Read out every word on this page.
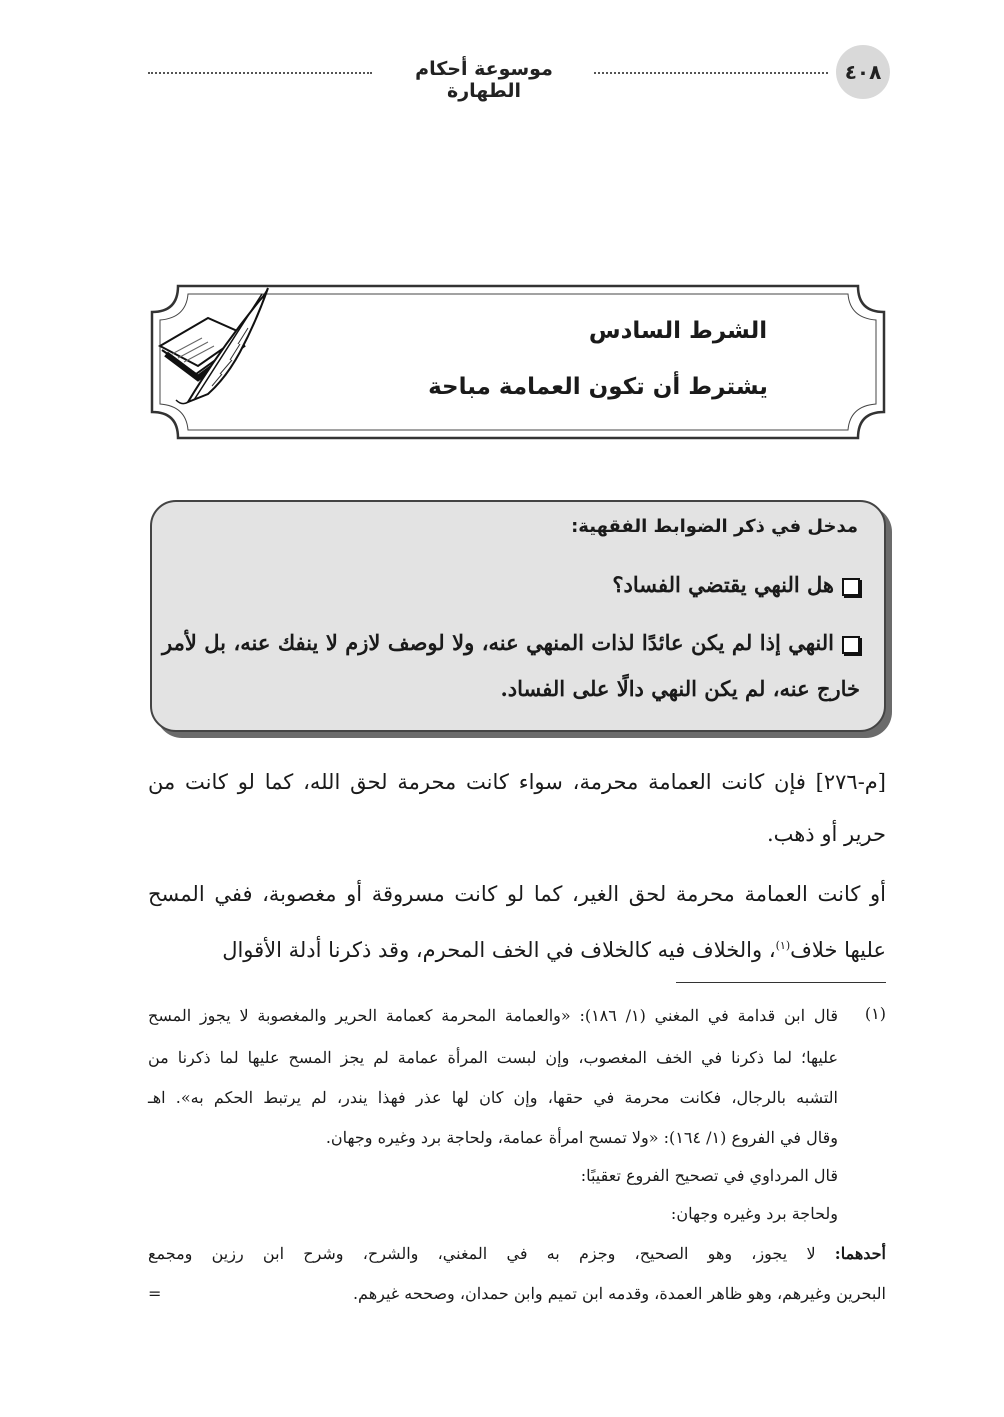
٤٠٨
موسوعة أحكام الطهارة
الشرط السادس
يشترط أن تكون العمامة مباحة
مدخل في ذكر الضوابط الفقهية:
هل النهي يقتضي الفساد؟
النهي إذا لم يكن عائدًا لذات المنهي عنه، ولا لوصف لازم لا ينفك عنه، بل لأمر خارج عنه، لم يكن النهي دالًا على الفساد.
[م-٢٧٦] فإن كانت العمامة محرمة، سواء كانت محرمة لحق الله، كما لو كانت من حرير أو ذهب.
أو كانت العمامة محرمة لحق الغير، كما لو كانت مسروقة أو مغصوبة، ففي المسح عليها خلاف$^{(١)}$، والخلاف فيه كالخلاف في الخف المحرم، وقد ذكرنا أدلة الأقوال
(١)
قال ابن قدامة في المغني (١/ ١٨٦): «والعمامة المحرمة كعمامة الحرير والمغصوبة لا يجوز المسح
عليها؛ لما ذكرنا في الخف المغصوب، وإن لبست المرأة عمامة لم يجز المسح عليها لما ذكرنا من
التشبه بالرجال، فكانت محرمة في حقها، وإن كان لها عذر فهذا يندر، لم يرتبط الحكم به». اهـ
وقال في الفروع (١/ ١٦٤): «ولا تمسح امرأة عمامة، ولحاجة برد وغيره وجهان.
قال المرداوي في تصحيح الفروع تعقيبًا:
ولحاجة برد وغيره وجهان:
أحدهما: لا يجوز، وهو الصحيح، وجزم به في المغني، والشرح، وشرح ابن رزين ومجمع
البحرين وغيرهم، وهو ظاهر العمدة، وقدمه ابن تميم وابن حمدان، وصححه غيرهم.
=
